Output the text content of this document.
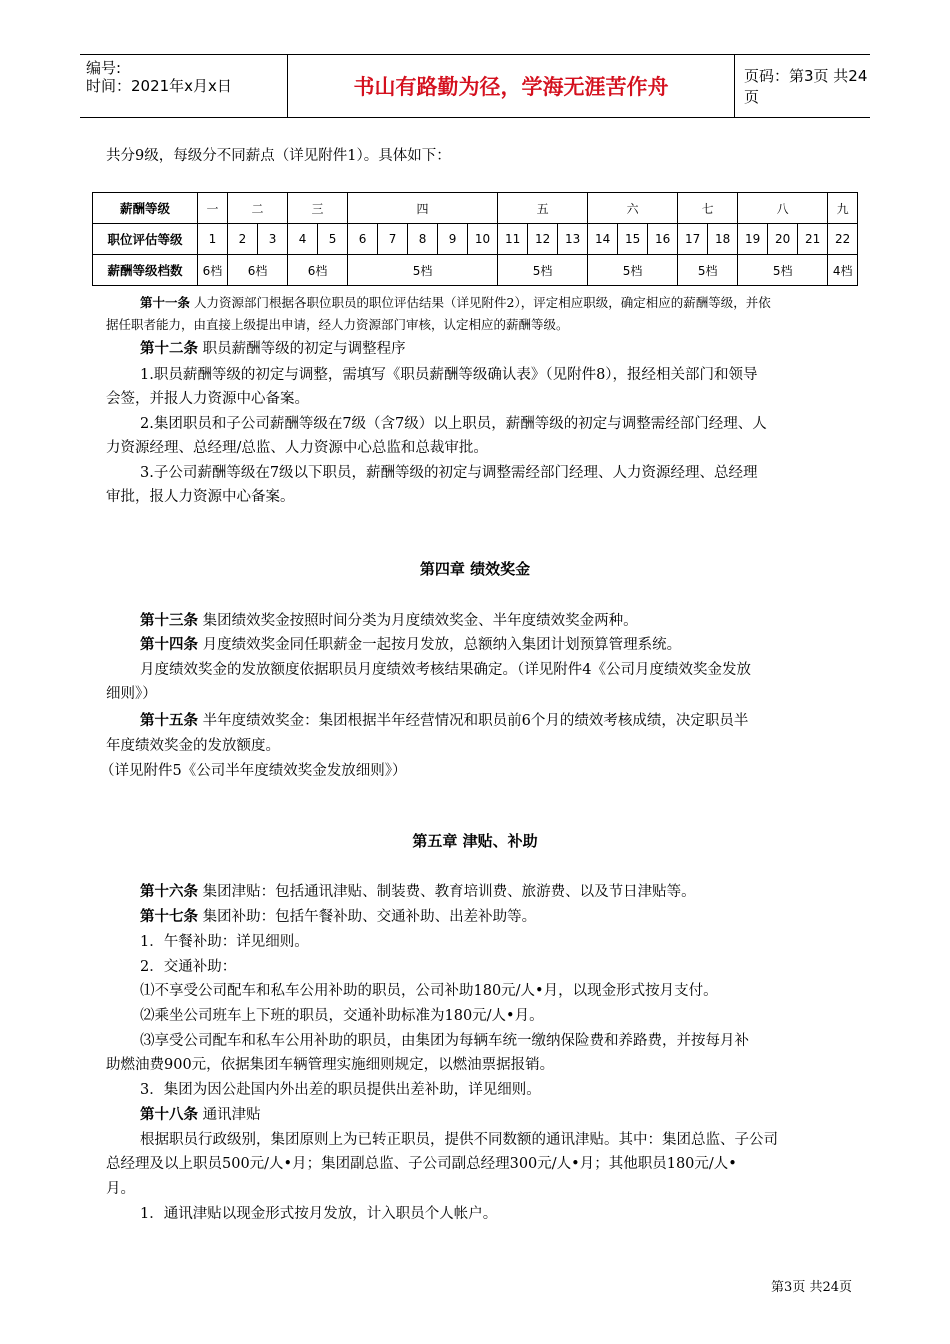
编号:
时间：2021年x月x日	书山有路勤为径，学海无涯苦作舟	页码：第3页 共24页
共分9级，每级分不同薪点（详见附件1）。具体如下：
薪酬等级	一	二		三		四					五			六			七		八			九
职位评估等级	1	2	3	4	5	6	7	8	9	10	11	12	13	14	15	16	17	18	19	20	21	22
薪酬等级档数	6档	6档		6档		5档					5档			5档			5档		5档			4档
第十一条 人力资源部门根据各职位职员的职位评估结果（详见附件2），评定相应职级，确定相应的薪酬等级，并依
据任职者能力，由直接上级提出申请，经人力资源部门审核，认定相应的薪酬等级。
第十二条 职员薪酬等级的初定与调整程序
1.职员薪酬等级的初定与调整，需填写《职员薪酬等级确认表》（见附件8），报经相关部门和领导
会签，并报人力资源中心备案。
2.集团职员和子公司薪酬等级在7级（含7级）以上职员，薪酬等级的初定与调整需经部门经理、人
力资源经理、总经理/总监、人力资源中心总监和总裁审批。
3.子公司薪酬等级在7级以下职员，薪酬等级的初定与调整需经部门经理、人力资源经理、总经理
审批，报人力资源中心备案。
第四章 绩效奖金
第十三条 集团绩效奖金按照时间分类为月度绩效奖金、半年度绩效奖金两种。
第十四条 月度绩效奖金同任职薪金一起按月发放，总额纳入集团计划预算管理系统。
月度绩效奖金的发放额度依据职员月度绩效考核结果确定。（详见附件4《公司月度绩效奖金发放
细则》）
第十五条 半年度绩效奖金：集团根据半年经营情况和职员前6个月的绩效考核成绩，决定职员半
年度绩效奖金的发放额度。
（详见附件5《公司半年度绩效奖金发放细则》）
第五章 津贴、补助
第十六条 集团津贴：包括通讯津贴、制装费、教育培训费、旅游费、以及节日津贴等。
第十七条 集团补助：包括午餐补助、交通补助、出差补助等。
1．午餐补助：详见细则。
2．交通补助：
⑴不享受公司配车和私车公用补助的职员，公司补助180元/人•月，以现金形式按月支付。
⑵乘坐公司班车上下班的职员，交通补助标准为180元/人•月。
⑶享受公司配车和私车公用补助的职员，由集团为每辆车统一缴纳保险费和养路费，并按每月补
助燃油费900元，依据集团车辆管理实施细则规定，以燃油票据报销。
3．集团为因公赴国内外出差的职员提供出差补助，详见细则。
第十八条 通讯津贴
根据职员行政级别，集团原则上为已转正职员，提供不同数额的通讯津贴。其中：集团总监、子公司
总经理及以上职员500元/人•月；集团副总监、子公司副总经理300元/人•月；其他职员180元/人•
月。
1．通讯津贴以现金形式按月发放，计入职员个人帐户。
第3页 共24页
